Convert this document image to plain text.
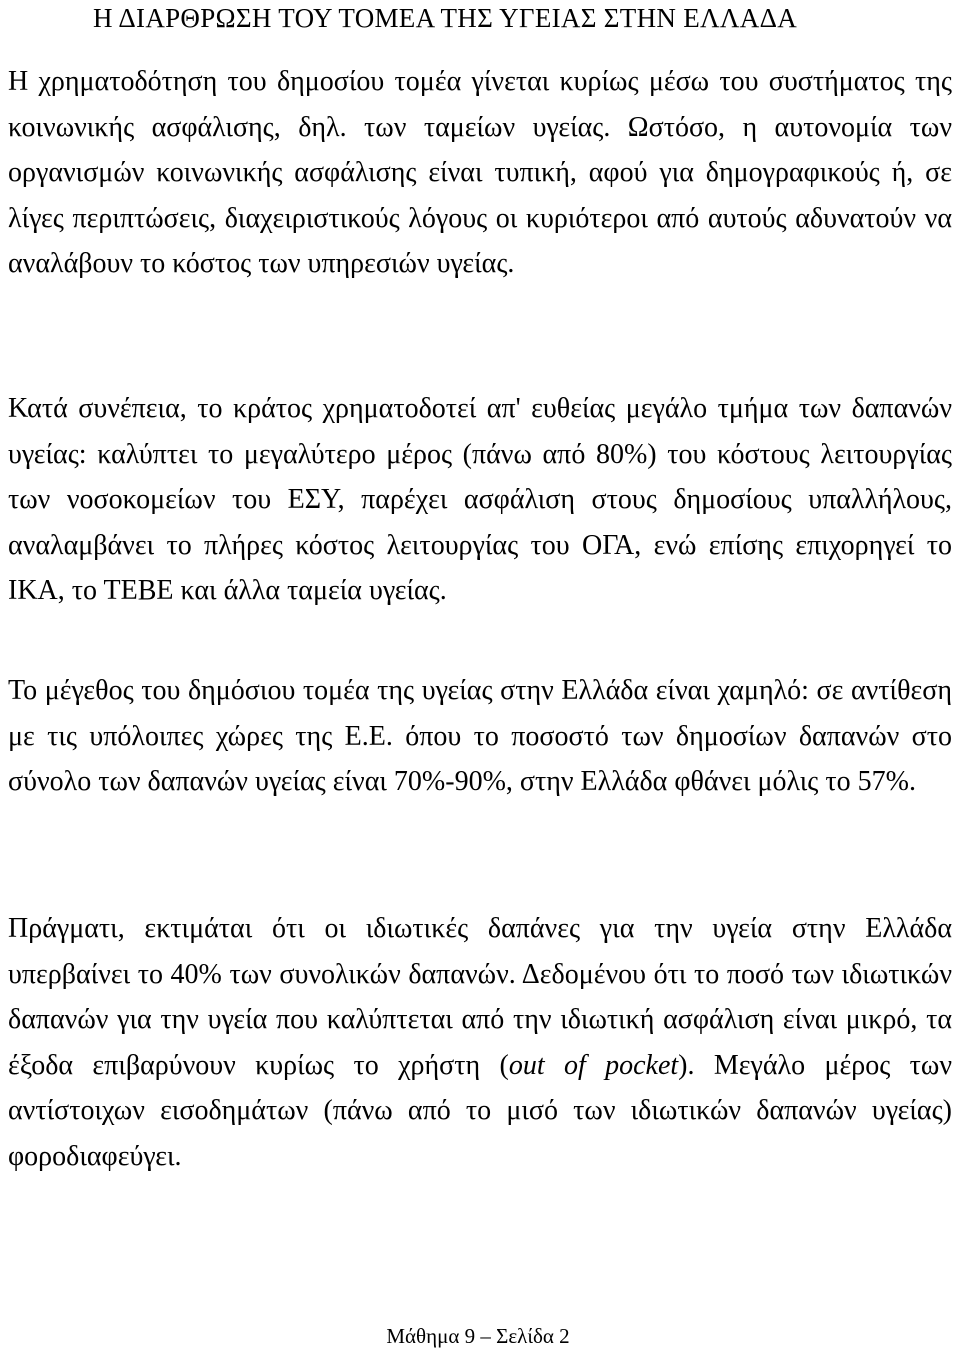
Η ΔΙΑΡΘΡΩΣΗ ΤΟΥ ΤΟΜΕΑ ΤΗΣ ΥΓΕΙΑΣ ΣΤΗΝ ΕΛΛΑΔΑ

Η χρηματοδότηση του δημοσίου τομέα γίνεται κυρίως μέσω του συστήματος της κοινωνικής ασφάλισης, δηλ. των ταμείων υγείας. Ωστόσο, η αυτονομία των οργανισμών κοινωνικής ασφάλισης είναι τυπική, αφού για δημογραφικούς ή, σε λίγες περιπτώσεις, διαχειριστικούς λόγους οι κυριότεροι από αυτούς αδυνατούν να αναλάβουν το κόστος των υπηρεσιών υγείας.

Κατά συνέπεια, το κράτος χρηματοδοτεί απ' ευθείας μεγάλο τμήμα των δαπανών υγείας: καλύπτει το μεγαλύτερο μέρος (πάνω από 80%) του κόστους λειτουργίας των νοσοκομείων του ΕΣΥ, παρέχει ασφάλιση στους δημοσίους υπαλλήλους, αναλαμβάνει το πλήρες κόστος λειτουργίας του ΟΓΑ, ενώ επίσης επιχορηγεί το ΙΚΑ, το ΤΕΒΕ και άλλα ταμεία υγείας.

Το μέγεθος του δημόσιου τομέα της υγείας στην Ελλάδα είναι χαμηλό: σε αντίθεση με τις υπόλοιπες χώρες της Ε.Ε. όπου το ποσοστό των δημοσίων δαπανών στο σύνολο των δαπανών υγείας είναι 70%-90%, στην Ελλάδα φθάνει μόλις το 57%.

Πράγματι, εκτιμάται ότι οι ιδιωτικές δαπάνες για την υγεία στην Ελλάδα υπερβαίνει το 40% των συνολικών δαπανών. Δεδομένου ότι το ποσό των ιδιωτικών δαπανών για την υγεία που καλύπτεται από την ιδιωτική ασφάλιση είναι μικρό, τα έξοδα επιβαρύνουν κυρίως το χρήστη (out of pocket). Μεγάλο μέρος των αντίστοιχων εισοδημάτων (πάνω από το μισό των ιδιωτικών δαπανών υγείας) φοροδιαφεύγει.

Μάθημα 9 – Σελίδα 2
